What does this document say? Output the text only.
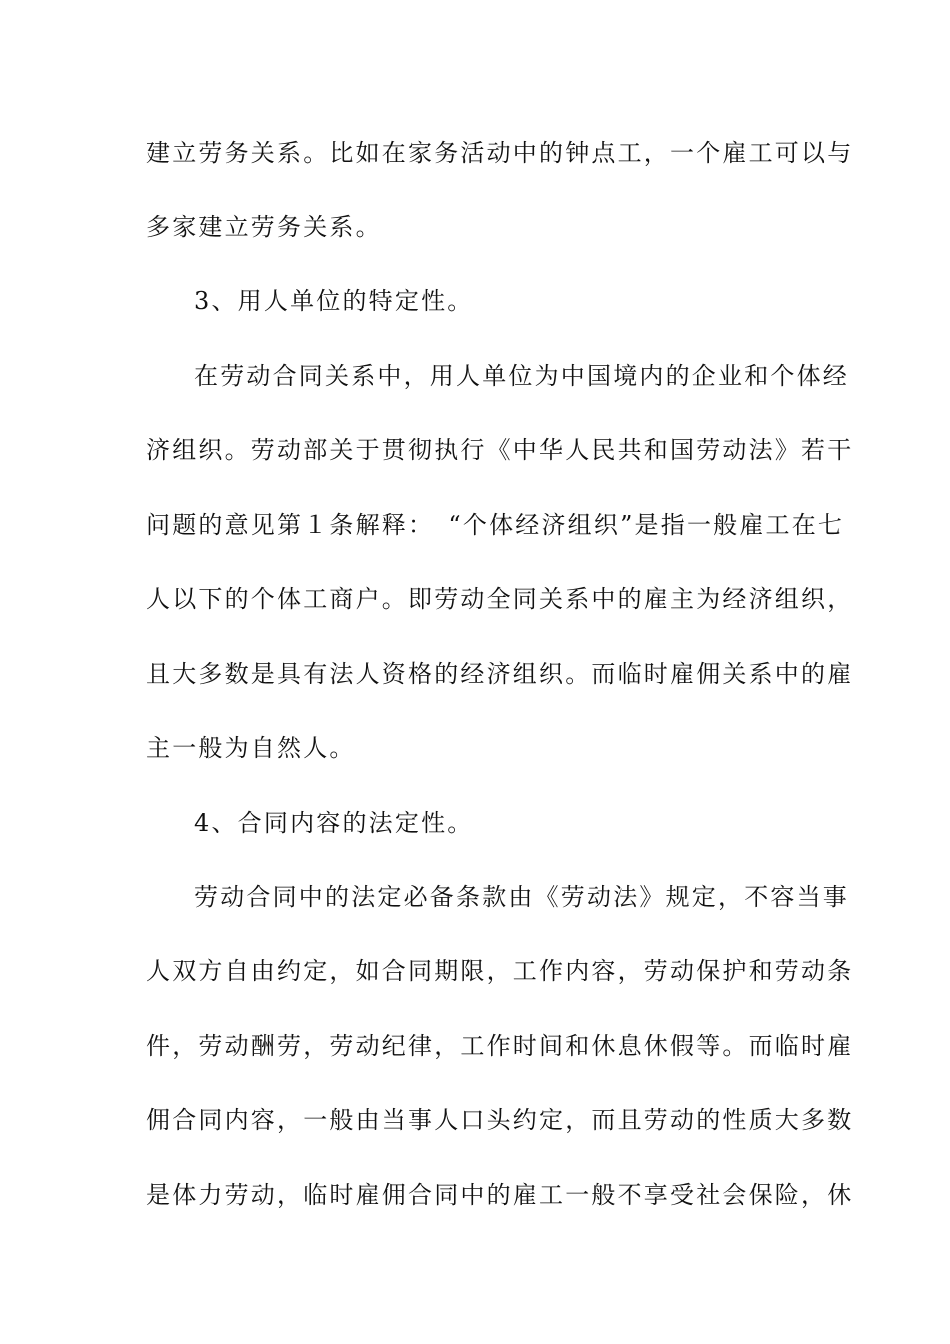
建立劳务关系。比如在家务活动中的钟点工，一个雇工可以与
多家建立劳务关系。
3、用人单位的特定性。
在劳动合同关系中，用人单位为中国境内的企业和个体经
济组织。劳动部关于贯彻执行《中华人民共和国劳动法》若干
问题的意见第１条解释：　“个体经济组织”是指一般雇工在七
人以下的个体工商户。即劳动全同关系中的雇主为经济组织，
且大多数是具有法人资格的经济组织。而临时雇佣关系中的雇
主一般为自然人。
4、合同内容的法定性。
劳动合同中的法定必备条款由《劳动法》规定，不容当事
人双方自由约定，如合同期限，工作内容，劳动保护和劳动条
件，劳动酬劳，劳动纪律，工作时间和休息休假等。而临时雇
佣合同内容，一般由当事人口头约定，而且劳动的性质大多数
是体力劳动，临时雇佣合同中的雇工一般不享受社会保险，休
